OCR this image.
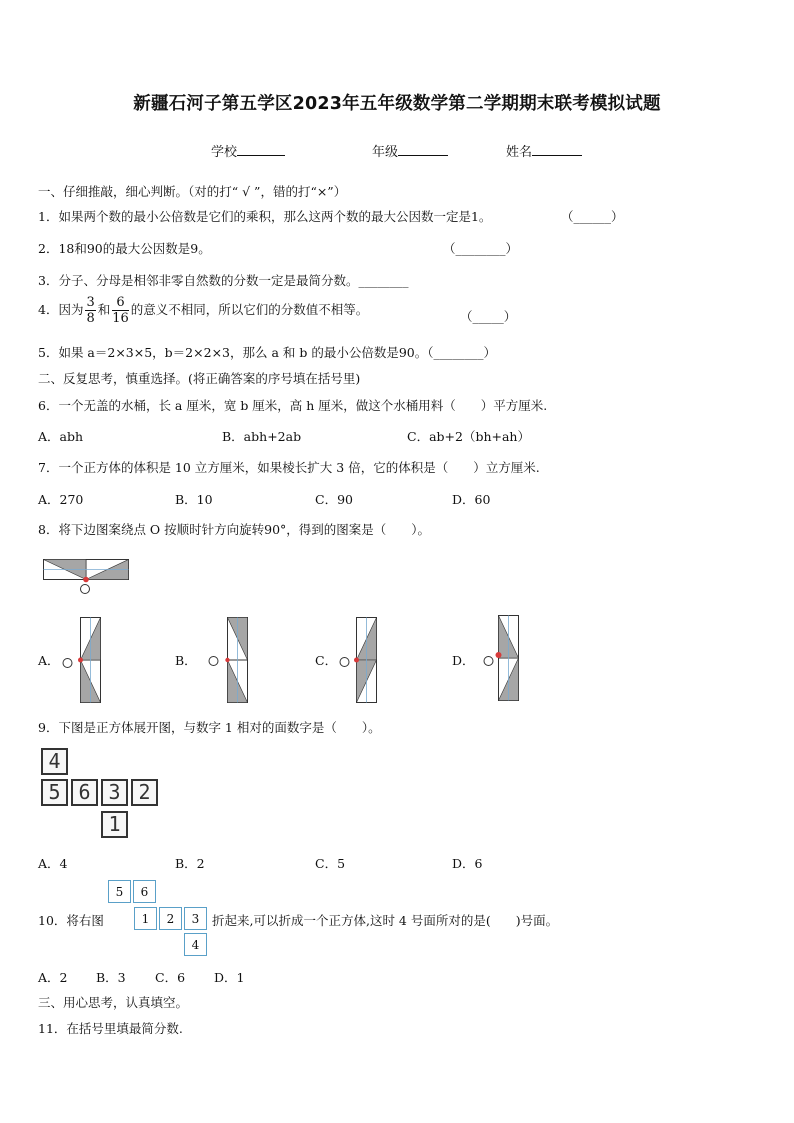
新疆石河子第五学区2023年五年级数学第二学期期末联考模拟试题
学校	年级	姓名
一、仔细推敲，细心判断。（对的打“ √ ”，错的打“×”）
1．如果两个数的最小公倍数是它们的乘积，那么这两个数的最大公因数一定是1。	（______）
2．18和90的最大公因数是9。	（________）
3．分子、分母是相邻非零自然数的分数一定是最简分数。________
4．因为 $\frac{3}{8}$ 和 $\frac{6}{16}$ 的意义不相同，所以它们的分数值不相等。	（_____）
5．如果 a＝2×3×5，b＝2×2×3，那么 a 和 b 的最小公倍数是90。（________）
二、反复思考，慎重选择。(将正确答案的序号填在括号里)
6．一个无盖的水桶，长 a 厘米，宽 b 厘米，高 h 厘米，做这个水桶用料（　　）平方厘米.
A．abh	B．abh+2ab	C．ab+2（bh+ah）
7．一个正方体的体积是 10 立方厘米，如果棱长扩大 3 倍，它的体积是（　　）立方厘米.
A．270	B．10	C．90	D．60
8．将下边图案绕点 O 按顺时针方向旋转90°，得到的图案是（　　）。
A．	B．	C．	D．
9．下图是正方体展开图，与数字 1 相对的面数字是（　　）。
4
5 6 3 2
1
A．4	B．2	C．5	D．6
10．将右图
5	6
1	2	3
4
折起来,可以折成一个正方体,这时 4 号面所对的是(　　)号面。
A．2 B．3 C．6 D．1
三、用心思考，认真填空。
11．在括号里填最简分数.
